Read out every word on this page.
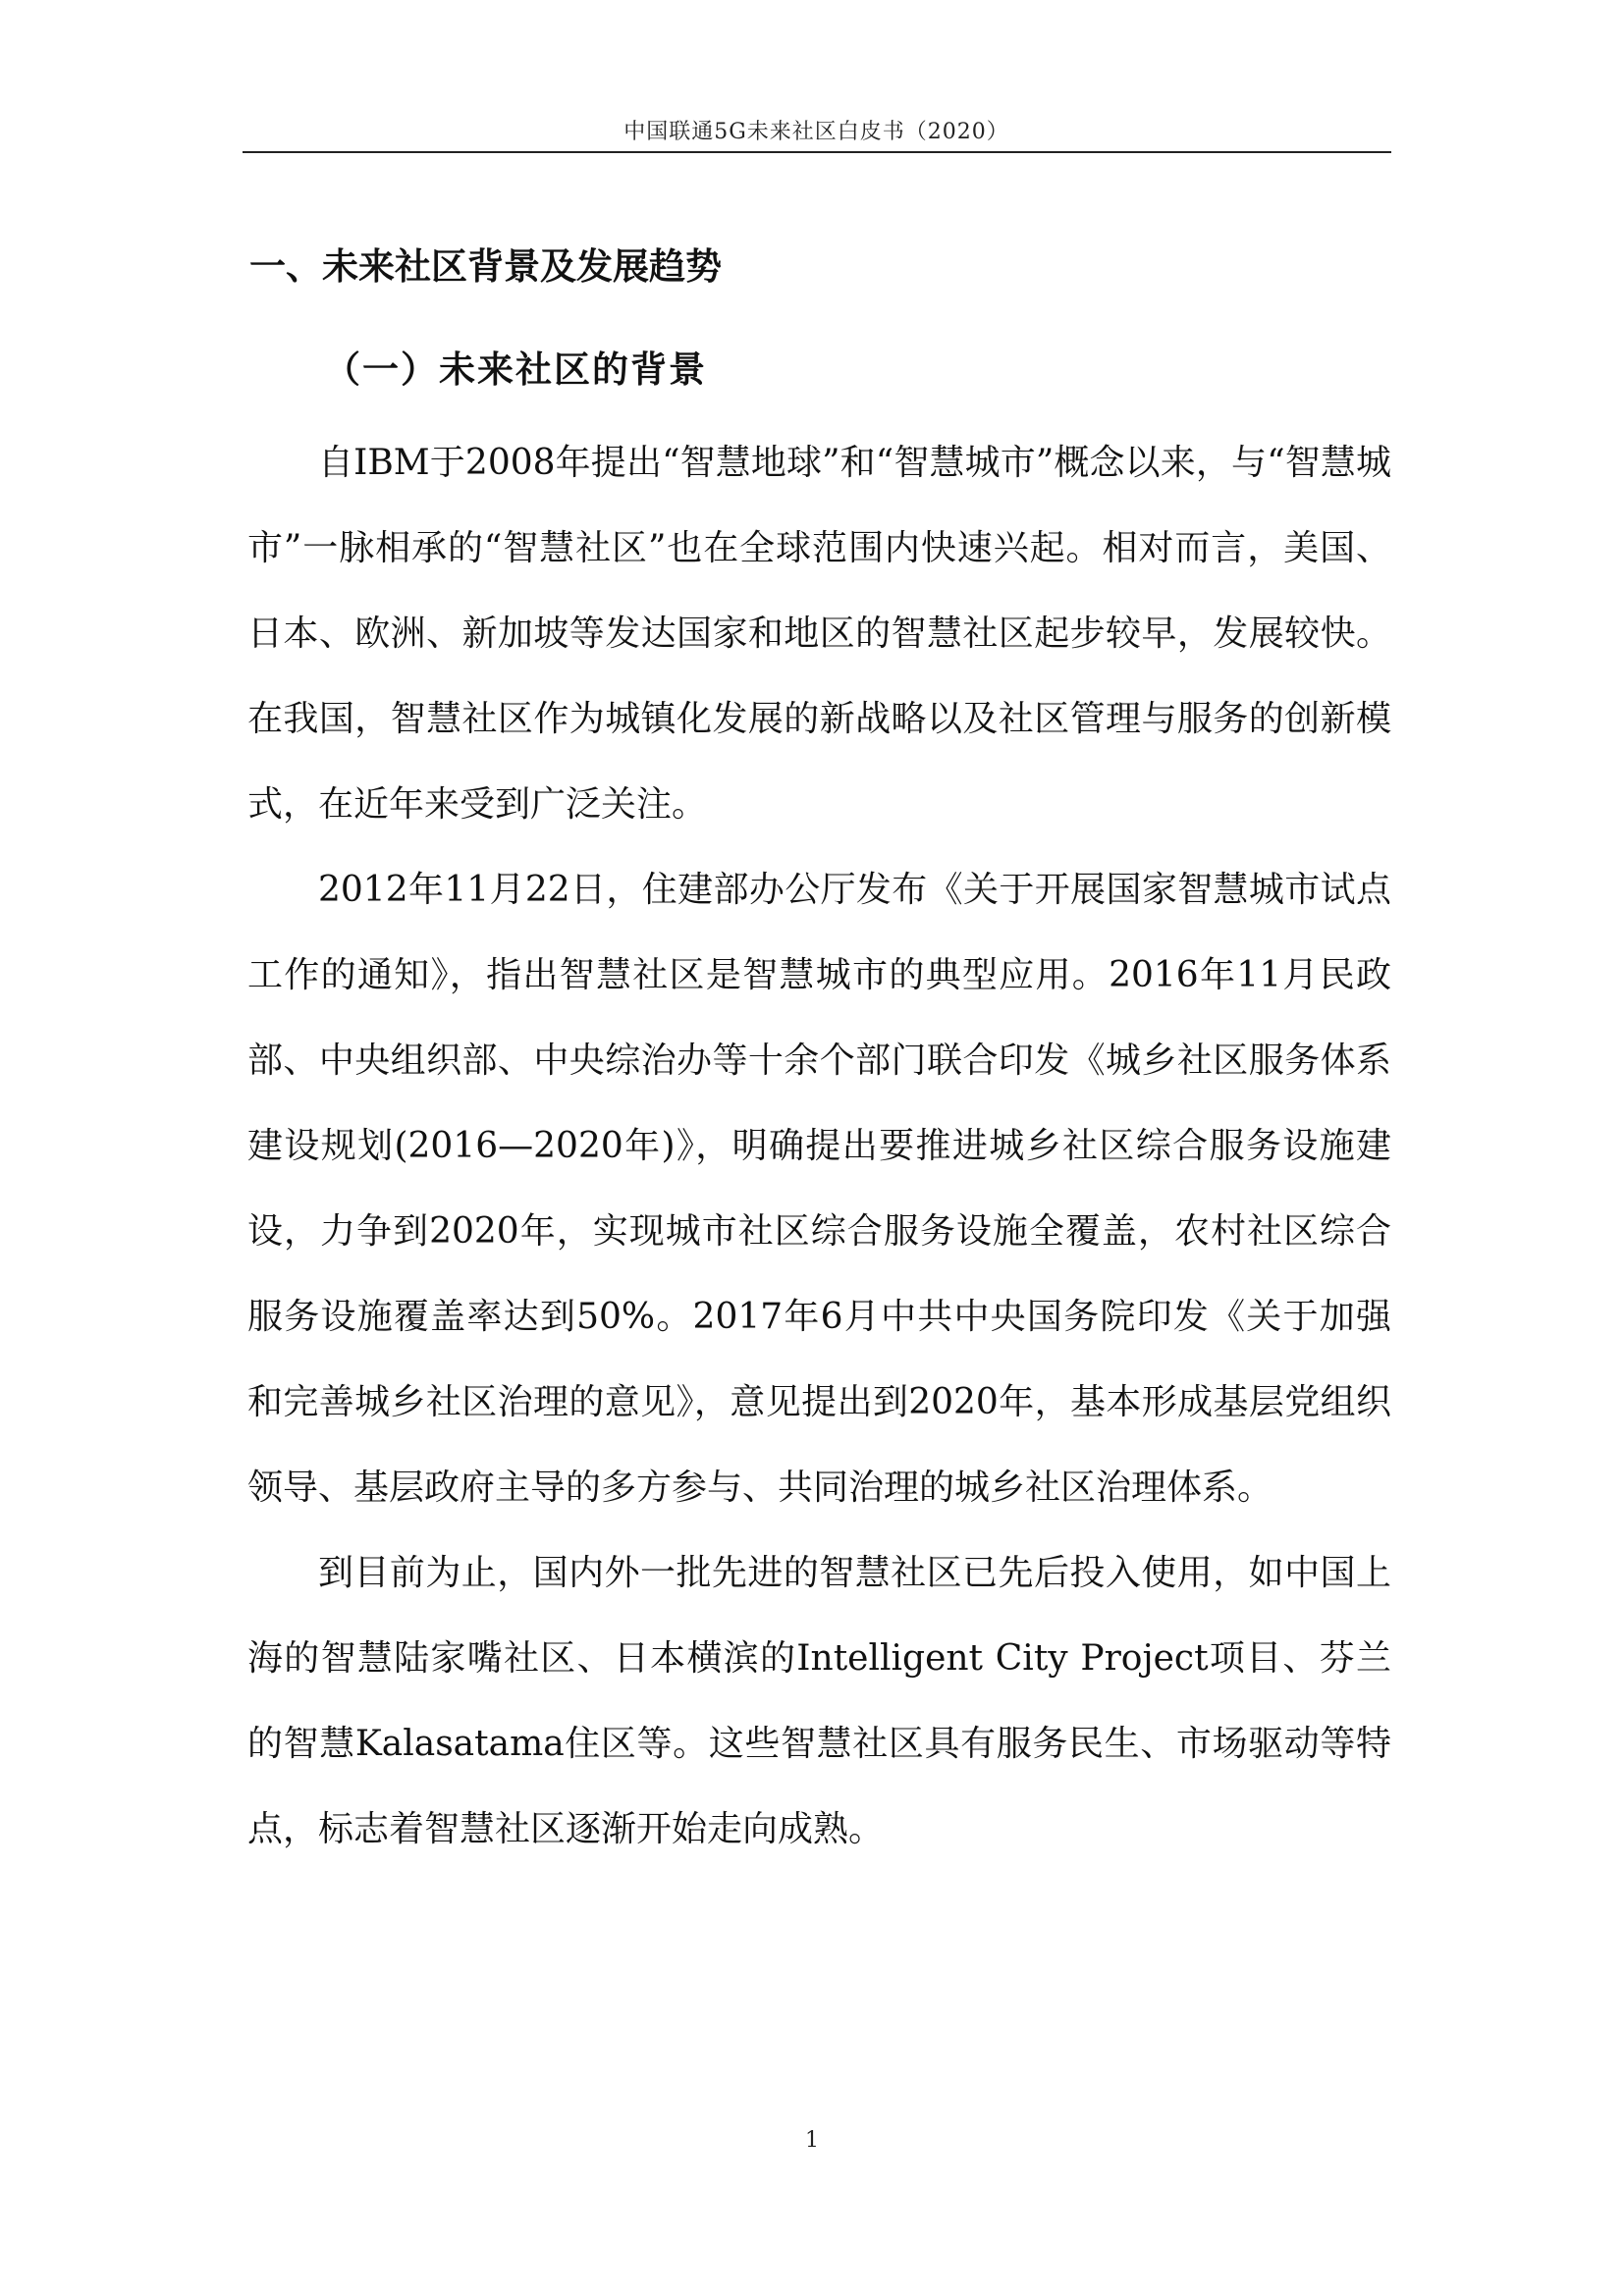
中国联通5G未来社区白皮书（2020）
一、未来社区背景及发展趋势
（一）未来社区的背景

自IBM于2008年提出“智慧地球”和“智慧城市”概念以来，与“智慧城市”一脉相承的“智慧社区”也在全球范围内快速兴起。相对而言，美国、日本、欧洲、新加坡等发达国家和地区的智慧社区起步较早，发展较快。在我国，智慧社区作为城镇化发展的新战略以及社区管理与服务的创新模式，在近年来受到广泛关注。

2012年11月22日，住建部办公厅发布《关于开展国家智慧城市试点工作的通知》，指出智慧社区是智慧城市的典型应用。2016年11月民政部、中央组织部、中央综治办等十余个部门联合印发《城乡社区服务体系建设规划(2016—2020年)》，明确提出要推进城乡社区综合服务设施建设，力争到2020年，实现城市社区综合服务设施全覆盖，农村社区综合服务设施覆盖率达到50%。2017年6月中共中央国务院印发《关于加强和完善城乡社区治理的意见》，意见提出到2020年，基本形成基层党组织领导、基层政府主导的多方参与、共同治理的城乡社区治理体系。

到目前为止，国内外一批先进的智慧社区已先后投入使用，如中国上海的智慧陆家嘴社区、日本横滨的Intelligent City Project项目、芬兰的智慧Kalasatama住区等。这些智慧社区具有服务民生、市场驱动等特点，标志着智慧社区逐渐开始走向成熟。

1
